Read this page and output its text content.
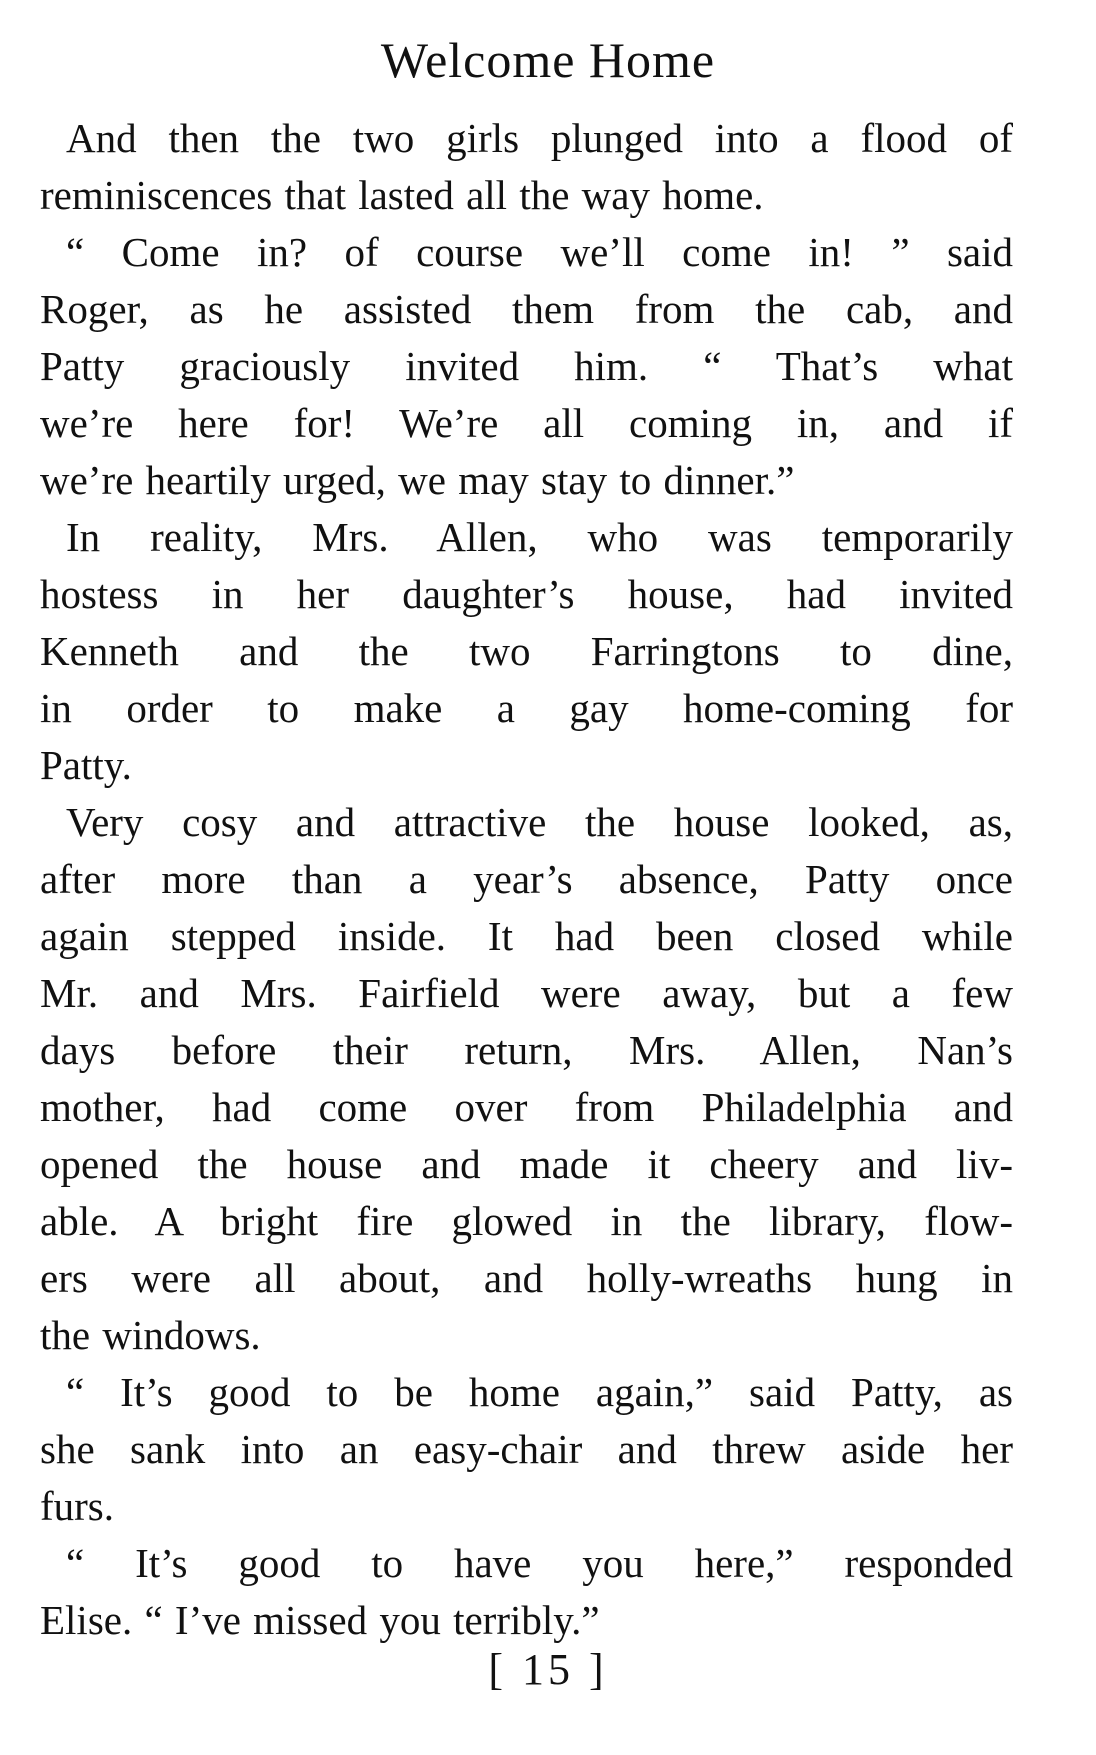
Welcome Home
And then the two girls plunged into a flood of
reminiscences that lasted all the way home.
“ Come in? of course we’ll come in! ” said
Roger, as he assisted them from the cab, and
Patty graciously invited him. “ That’s what
we’re here for! We’re all coming in, and if
we’re heartily urged, we may stay to dinner.”
In reality, Mrs. Allen, who was temporarily
hostess in her daughter’s house, had invited
Kenneth and the two Farringtons to dine,
in order to make a gay home-coming for
Patty.
Very cosy and attractive the house looked, as,
after more than a year’s absence, Patty once
again stepped inside. It had been closed while
Mr. and Mrs. Fairfield were away, but a few
days before their return, Mrs. Allen, Nan’s
mother, had come over from Philadelphia and
opened the house and made it cheery and liv-
able. A bright fire glowed in the library, flow-
ers were all about, and holly-wreaths hung in
the windows.
“ It’s good to be home again,” said Patty, as
she sank into an easy-chair and threw aside her
furs.
“ It’s good to have you here,” responded
Elise. “ I’ve missed you terribly.”
[ 15 ]
